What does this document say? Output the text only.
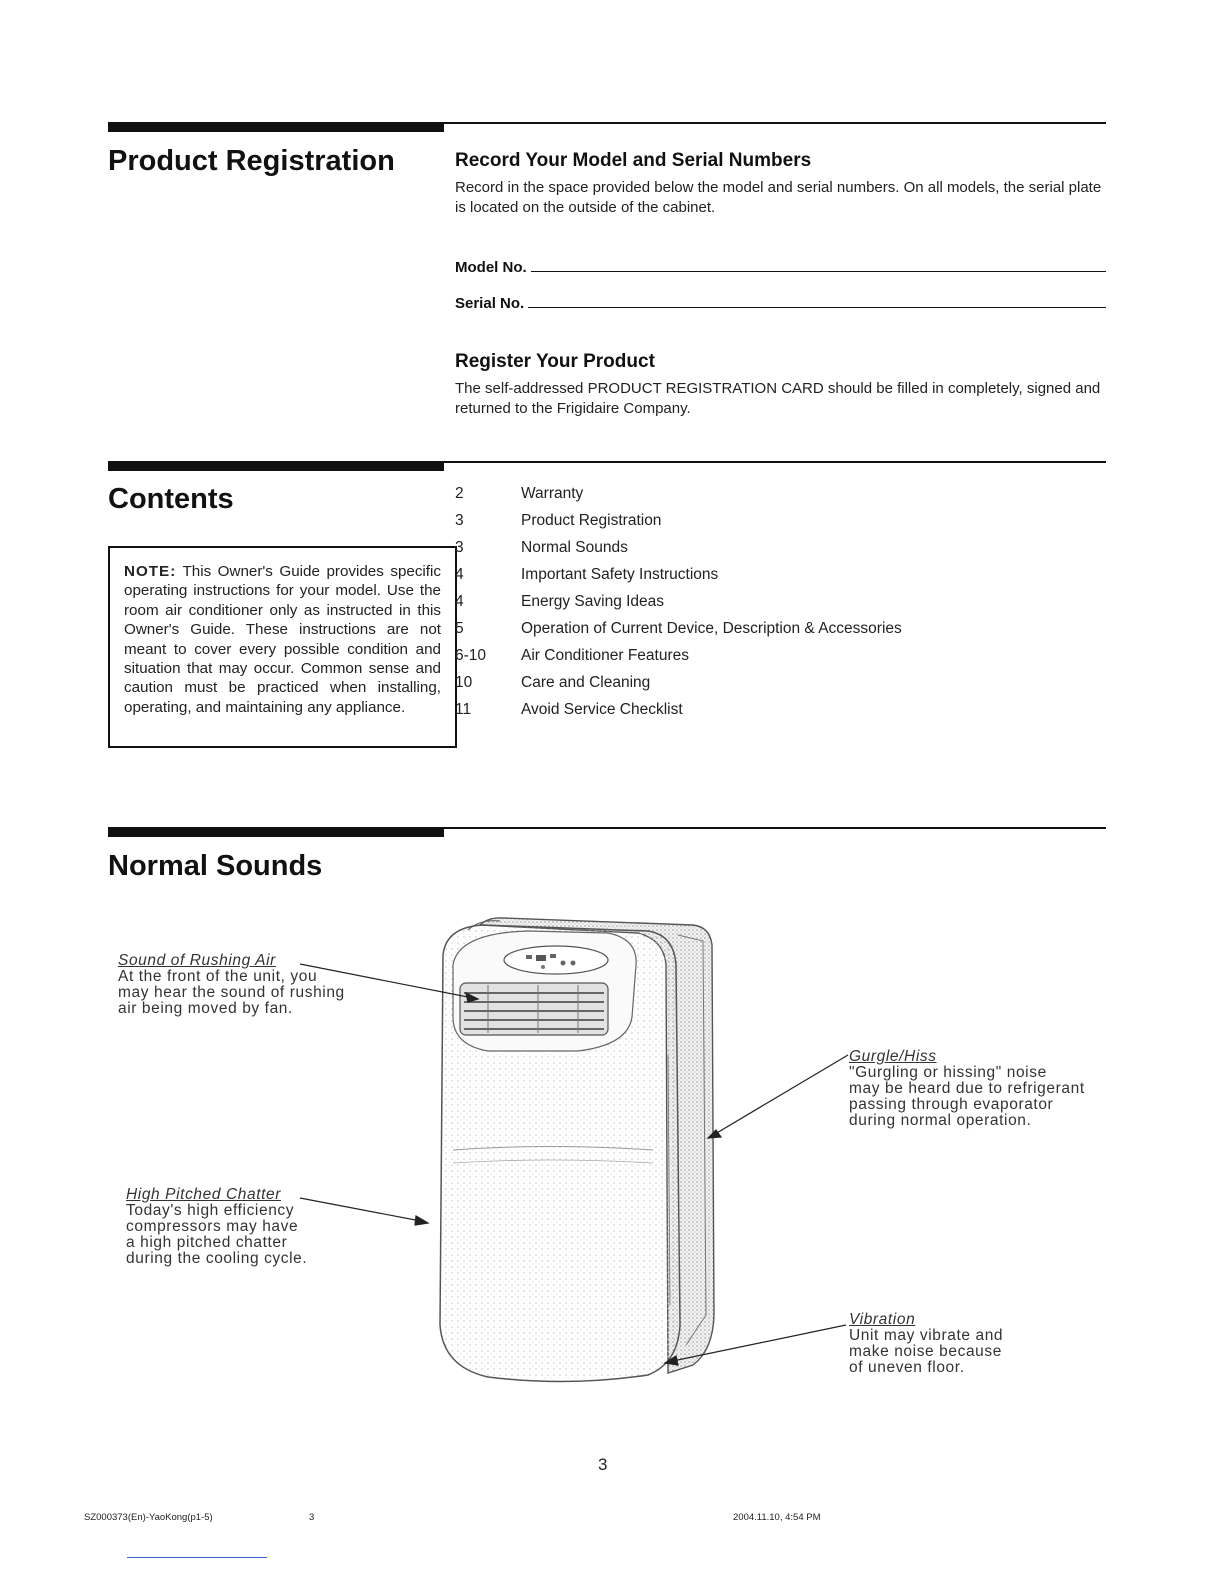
Product Registration	Record Your Model and Serial Numbers

Record in the space provided below the model and serial numbers. On all models, the serial plate is located on the outside of the cabinet.

Model No.
Serial No.
Register Your Product

The self-addressed PRODUCT REGISTRATION CARD should be filled in completely, signed and returned to the Frigidaire Company.

Contents
NOTE: This Owner's Guide provides specific operating instructions for your model. Use the room air conditioner only as instructed in this Owner's Guide. These instructions are not meant to cover every possible condition and situation that may occur. Common sense and caution must be practiced when installing, operating, and maintaining any appliance.
2	Warranty
3	Product Registration
3	Normal Sounds
4	Important Safety Instructions
4	Energy Saving Ideas
5	Operation of Current Device, Description & Accessories
6-10	Air Conditioner Features
10	Care and Cleaning
11	Avoid Service Checklist
Normal Sounds
Sound of Rushing Air
At the front of the unit, you
may hear the sound of rushing
air being moved by fan.
High Pitched Chatter
Today's high efficiency
compressors may have
a high pitched chatter
during the cooling cycle.
Gurgle/Hiss
"Gurgling or hissing" noise
may be heard due to refrigerant
passing through evaporator
during normal operation.
Vibration
Unit may vibrate and
make noise because
of uneven floor.
3
SZ000373(En)-YaoKong(p1-5)	3	2004.11.10, 4:54 PM
